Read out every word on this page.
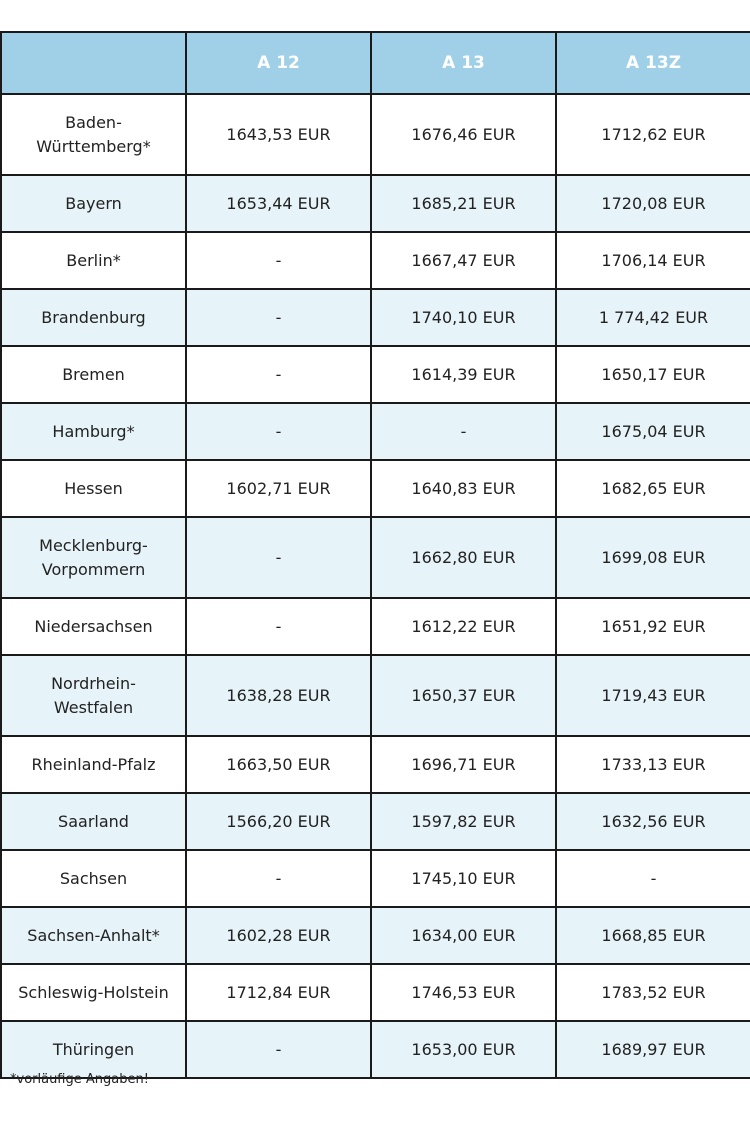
	A 12	A 13	A 13Z
Baden-
Württemberg*	1643,53 EUR	1676,46 EUR	1712,62 EUR
Bayern	1653,44 EUR	1685,21 EUR	1720,08 EUR
Berlin*	-	1667,47 EUR	1706,14 EUR
Brandenburg	-	1740,10 EUR	1 774,42 EUR
Bremen	-	1614,39 EUR	1650,17 EUR
Hamburg*	-	-	1675,04 EUR
Hessen	1602,71 EUR	1640,83 EUR	1682,65 EUR
Mecklenburg-
Vorpommern	-	1662,80 EUR	1699,08 EUR
Niedersachsen	-	1612,22 EUR	1651,92 EUR
Nordrhein-
Westfalen	1638,28 EUR	1650,37 EUR	1719,43 EUR
Rheinland-Pfalz	1663,50 EUR	1696,71 EUR	1733,13 EUR
Saarland	1566,20 EUR	1597,82 EUR	1632,56 EUR
Sachsen	-	1745,10 EUR	-
Sachsen-Anhalt*	1602,28 EUR	1634,00 EUR	1668,85 EUR
Schleswig-Holstein	1712,84 EUR	1746,53 EUR	1783,52 EUR
Thüringen	-	1653,00 EUR	1689,97 EUR
*vorläufige Angaben!
